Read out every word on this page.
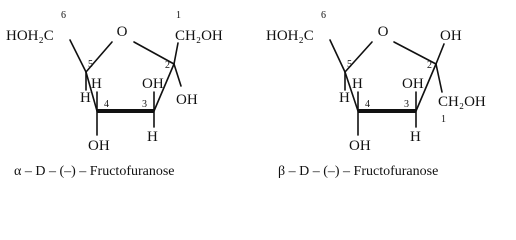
O
HOH₂C	CH₂OH
OH
H
H
OH
OH
H
6
5
4	3
2
1
α – D – (–) – Fructofuranose
O
HOH₂C	OH
CH₂OH
H
H
OH
OH
H
6
5
4	3
2
1
β – D – (–) – Fructofuranose
